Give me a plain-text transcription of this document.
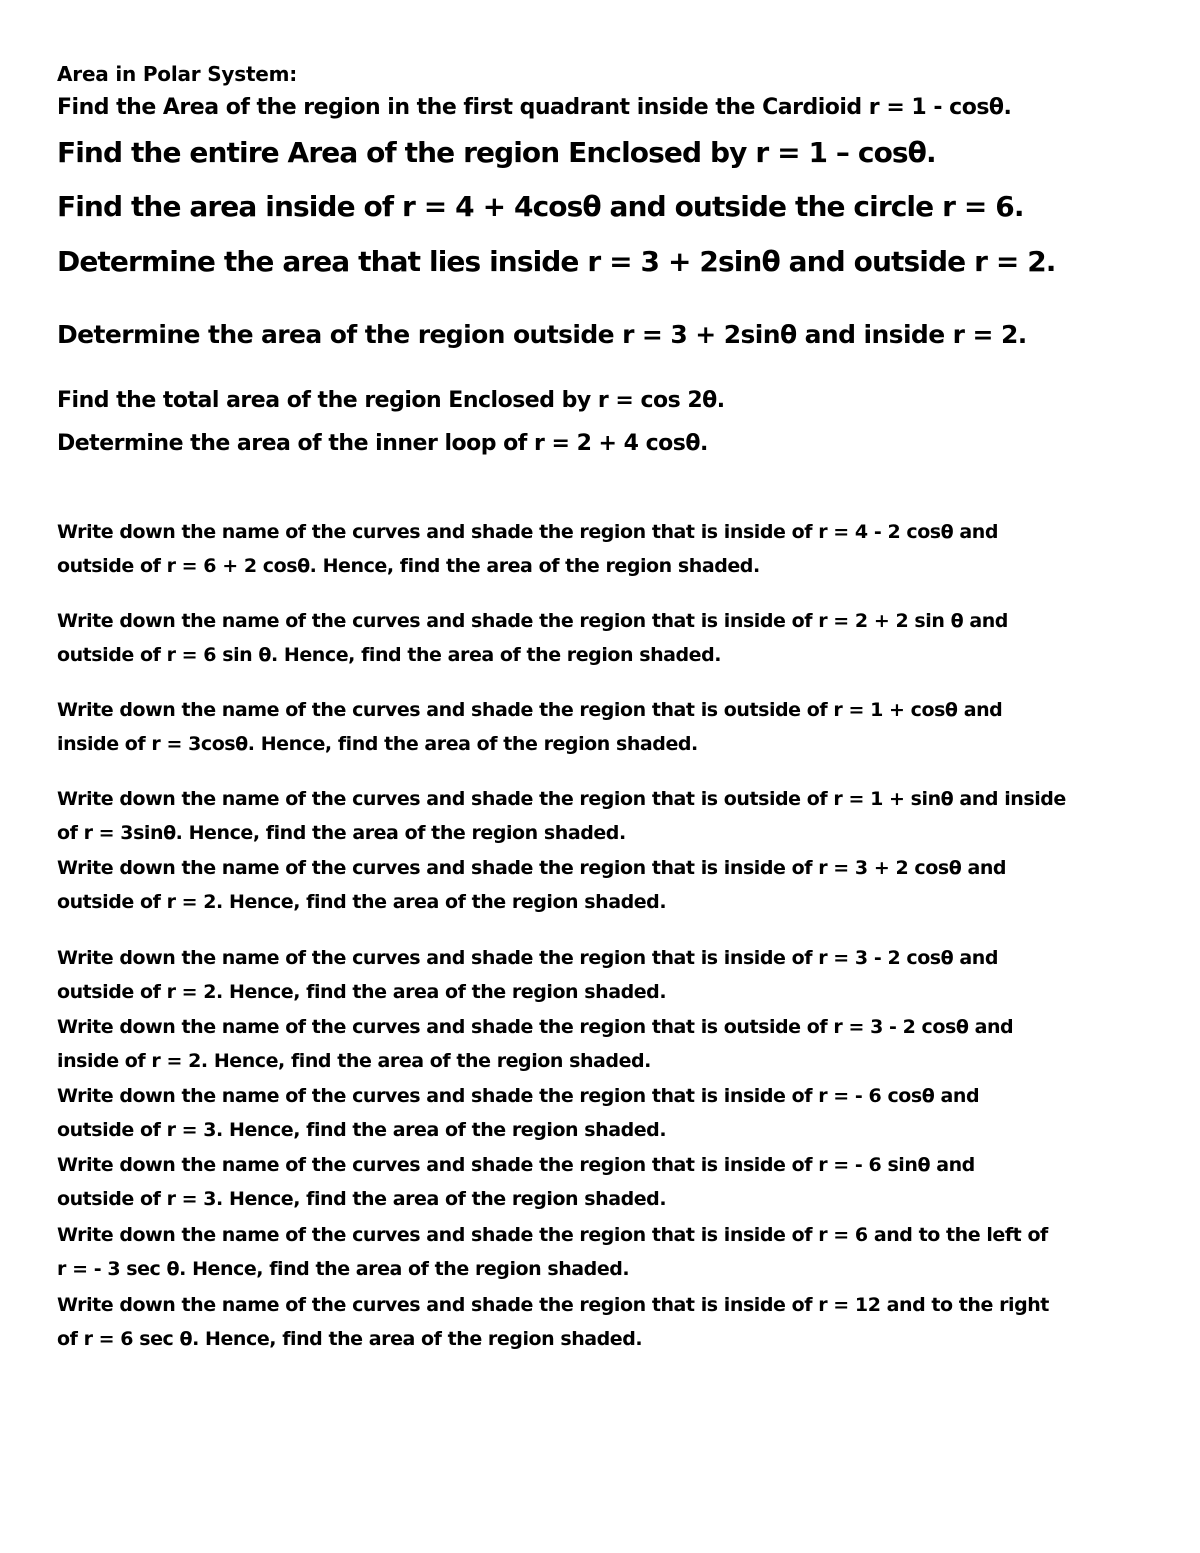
Area in Polar System:

Find the Area of the region in the first quadrant inside the Cardioid r = 1 - cosθ.

Find the entire Area of the region Enclosed by r = 1 – cosθ.

Find the area inside of r = 4 + 4cosθ and outside the circle r = 6.

Determine the area that lies inside r = 3 + 2sinθ and outside r = 2.

Determine the area of the region outside r = 3 + 2sinθ and inside r = 2.

Find the total area of the region Enclosed by r = cos 2θ.

Determine the area of the inner loop of r = 2 + 4 cosθ.

Write down the name of the curves and shade the region that is inside of r = 4 - 2 cosθ and
outside of r = 6 + 2 cosθ. Hence, find the area of the region shaded.

Write down the name of the curves and shade the region that is inside of r = 2 + 2 sin θ and
outside of r = 6 sin θ. Hence, find the area of the region shaded.

Write down the name of the curves and shade the region that is outside of r = 1 + cosθ and
inside of r = 3cosθ. Hence, find the area of the region shaded.

Write down the name of the curves and shade the region that is outside of r = 1 + sinθ and inside
of r = 3sinθ. Hence, find the area of the region shaded.

Write down the name of the curves and shade the region that is inside of r = 3 + 2 cosθ and
outside of r = 2. Hence, find the area of the region shaded.

Write down the name of the curves and shade the region that is inside of r = 3 - 2 cosθ and
outside of r = 2. Hence, find the area of the region shaded.

Write down the name of the curves and shade the region that is outside of r = 3 - 2 cosθ and
inside of r = 2. Hence, find the area of the region shaded.

Write down the name of the curves and shade the region that is inside of r = - 6 cosθ and
outside of r = 3. Hence, find the area of the region shaded.

Write down the name of the curves and shade the region that is inside of r = - 6 sinθ and
outside of r = 3. Hence, find the area of the region shaded.

Write down the name of the curves and shade the region that is inside of r = 6 and to the left of
r = - 3 sec θ. Hence, find the area of the region shaded.

Write down the name of the curves and shade the region that is inside of r = 12 and to the right
of r = 6 sec θ. Hence, find the area of the region shaded.
